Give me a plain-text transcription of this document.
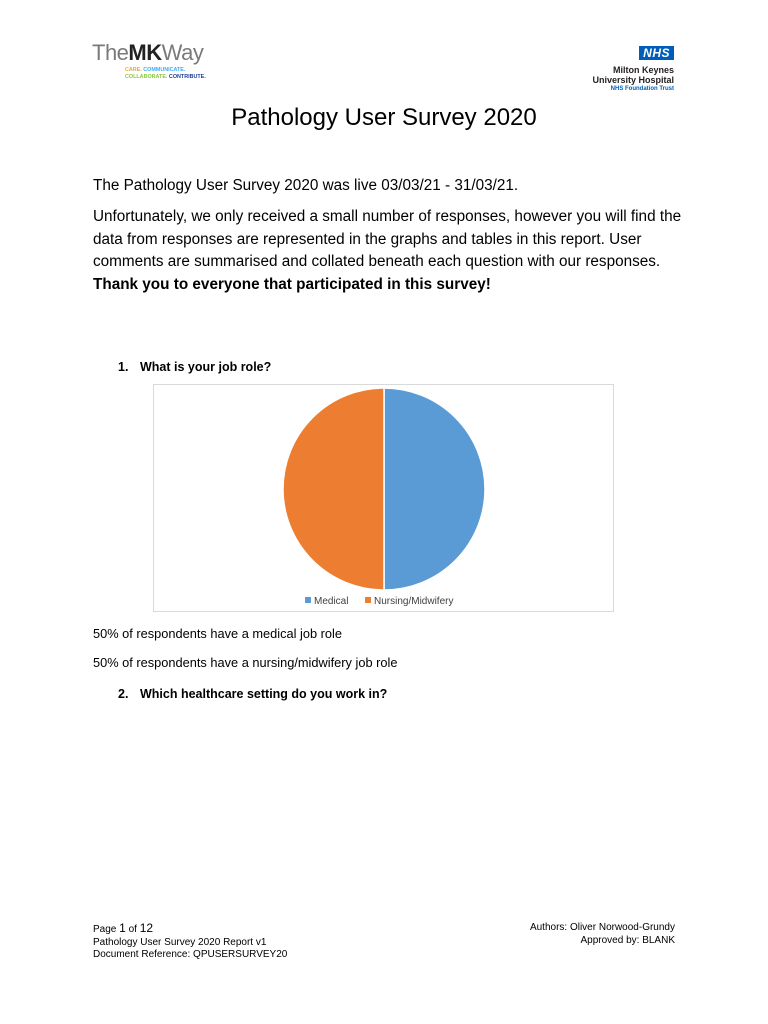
TheMKWay
CARE. COMMUNICATE.
COLLABORATE. CONTRIBUTE.
NHS
Milton Keynes
University Hospital
NHS Foundation Trust
Pathology User Survey 2020
The Pathology User Survey 2020 was live 03/03/21 - 31/03/21.
Unfortunately, we only received a small number of responses, however you will find the data from responses are represented in the graphs and tables in this report. User comments are summarised and collated beneath each question with our responses. Thank you to everyone that participated in this survey!
1. What is your job role?
Medical	Nursing/Midwifery
50% of respondents have a medical job role
50% of respondents have a nursing/midwifery job role
2. Which healthcare setting do you work in?
Page 1 of 12
Pathology User Survey 2020 Report v1
Document Reference: QPUSERSURVEY20
Authors: Oliver Norwood-Grundy
Approved by: BLANK
